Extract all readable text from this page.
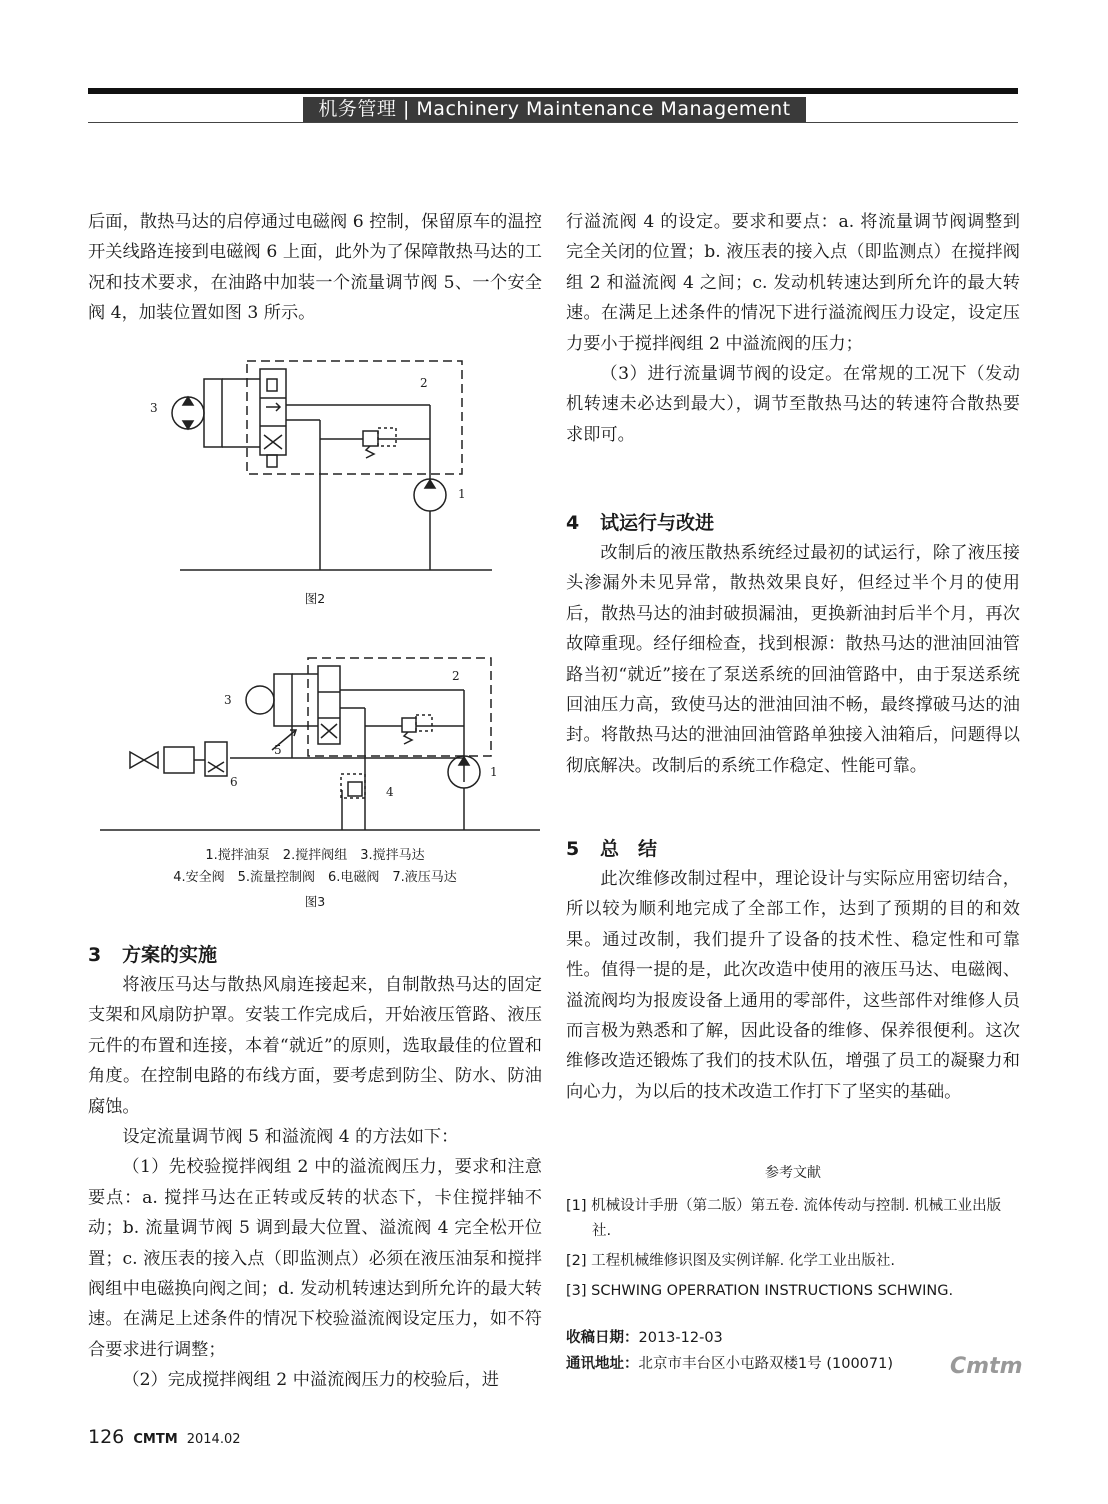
机务管理 | Machinery Maintenance Management

后面，散热马达的启停通过电磁阀 6 控制，保留原车的温控开关线路连接到电磁阀 6 上面，此外为了保障散热马达的工况和技术要求，在油路中加装一个流量调节阀 5、一个安全阀 4，加装位置如图 3 所示。

3
2
1
图2
3
2
1
4
5
6
1.搅拌油泵　2.搅拌阀组　3.搅拌马达
4.安全阀　5.流量控制阀　6.电磁阀　7.液压马达
图3
3 方案的实施

将液压马达与散热风扇连接起来，自制散热马达的固定支架和风扇防护罩。安装工作完成后，开始液压管路、液压元件的布置和连接，本着“就近”的原则，选取最佳的位置和角度。在控制电路的布线方面，要考虑到防尘、防水、防油腐蚀。

设定流量调节阀 5 和溢流阀 4 的方法如下：

（1）先校验搅拌阀组 2 中的溢流阀压力，要求和注意要点：a. 搅拌马达在正转或反转的状态下，卡住搅拌轴不动；b. 流量调节阀 5 调到最大位置、溢流阀 4 完全松开位置；c. 液压表的接入点（即监测点）必须在液压油泵和搅拌阀组中电磁换向阀之间；d. 发动机转速达到所允许的最大转速。在满足上述条件的情况下校验溢流阀设定压力，如不符合要求进行调整；

（2）完成搅拌阀组 2 中溢流阀压力的校验后，进

行溢流阀 4 的设定。要求和要点：a. 将流量调节阀调整到完全关闭的位置；b. 液压表的接入点（即监测点）在搅拌阀组 2 和溢流阀 4 之间；c. 发动机转速达到所允许的最大转速。在满足上述条件的情况下进行溢流阀压力设定，设定压力要小于搅拌阀组 2 中溢流阀的压力；

（3）进行流量调节阀的设定。在常规的工况下（发动机转速未必达到最大），调节至散热马达的转速符合散热要求即可。

4 试运行与改进

改制后的液压散热系统经过最初的试运行，除了液压接头渗漏外未见异常，散热效果良好，但经过半个月的使用后，散热马达的油封破损漏油，更换新油封后半个月，再次故障重现。经仔细检查，找到根源：散热马达的泄油回油管路当初“就近”接在了泵送系统的回油管路中，由于泵送系统回油压力高，致使马达的泄油回油不畅，最终撑破马达的油封。将散热马达的泄油回油管路单独接入油箱后，问题得以彻底解决。改制后的系统工作稳定、性能可靠。

5 总　结

此次维修改制过程中，理论设计与实际应用密切结合，所以较为顺利地完成了全部工作，达到了预期的目的和效果。通过改制，我们提升了设备的技术性、稳定性和可靠性。值得一提的是，此次改造中使用的液压马达、电磁阀、溢流阀均为报废设备上通用的零部件，这些部件对维修人员而言极为熟悉和了解，因此设备的维修、保养很便利。这次维修改造还锻炼了我们的技术队伍，增强了员工的凝聚力和向心力，为以后的技术改造工作打下了坚实的基础。

参考文献

[1] 机械设计手册（第二版）第五卷. 流体传动与控制. 机械工业出版社.

[2] 工程机械维修识图及实例详解. 化学工业出版社.

[3] SCHWING OPERRATION INSTRUCTIONS SCHWING.

收稿日期：2013-12-03

通讯地址：北京市丰台区小屯路双楼1号 (100071)	Cmtm
126 CMTM 2014.02
